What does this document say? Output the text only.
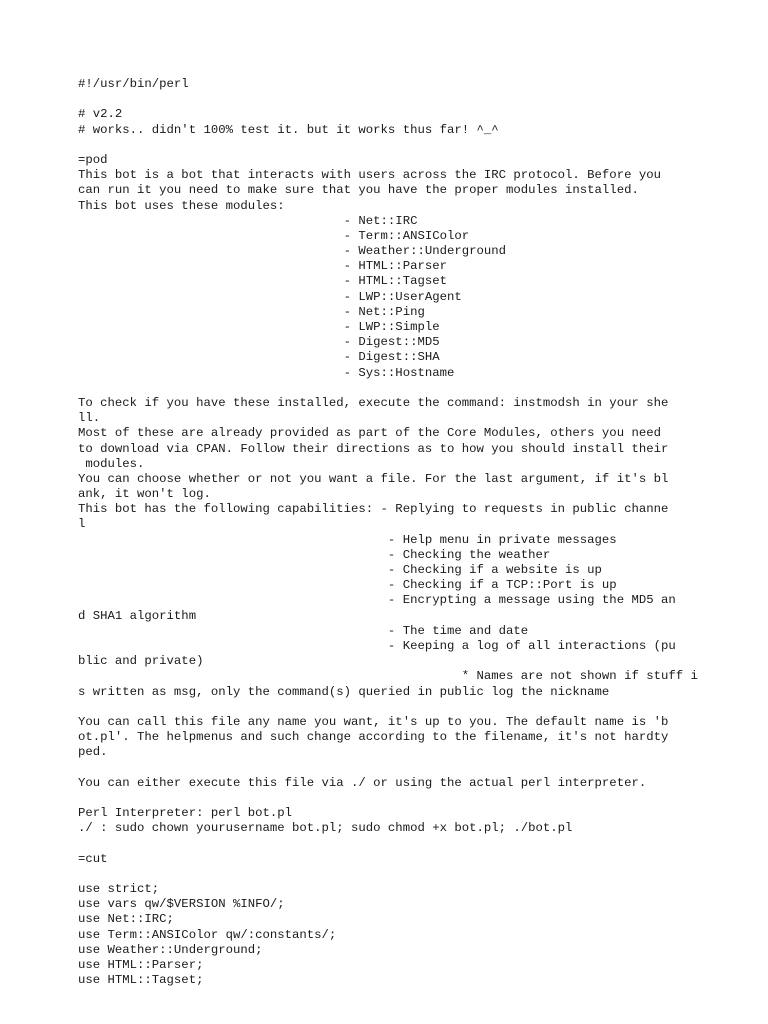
#!/usr/bin/perl
# v2.2
# works.. didn't 100% test it. but it works thus far! ^_^
=pod
This bot is a bot that interacts with users across the IRC protocol. Before you
can run it you need to make sure that you have the proper modules installed.
This bot uses these modules:
- Net::IRC
- Term::ANSIColor
- Weather::Underground
- HTML::Parser
- HTML::Tagset
- LWP::UserAgent
- Net::Ping
- LWP::Simple
- Digest::MD5
- Digest::SHA
- Sys::Hostname
To check if you have these installed, execute the command: instmodsh in your she
ll.
Most of these are already provided as part of the Core Modules, others you need
to download via CPAN. Follow their directions as to how you should install their
modules.
You can choose whether or not you want a file. For the last argument, if it's bl
ank, it won't log.
This bot has the following capabilities: - Replying to requests in public channe
l
- Help menu in private messages
- Checking the weather
- Checking if a website is up
- Checking if a TCP::Port is up
- Encrypting a message using the MD5 an
d SHA1 algorithm
- The time and date
- Keeping a log of all interactions (pu
blic and private)
* Names are not shown if stuff i
s written as msg, only the command(s) queried in public log the nickname
You can call this file any name you want, it's up to you. The default name is 'b
ot.pl'. The helpmenus and such change according to the filename, it's not hardty
ped.
You can either execute this file via ./ or using the actual perl interpreter.
Perl Interpreter: perl bot.pl
./ : sudo chown yourusername bot.pl; sudo chmod +x bot.pl; ./bot.pl
=cut
use strict;
use vars qw/$VERSION %INFO/;
use Net::IRC;
use Term::ANSIColor qw/:constants/;
use Weather::Underground;
use HTML::Parser;
use HTML::Tagset;
